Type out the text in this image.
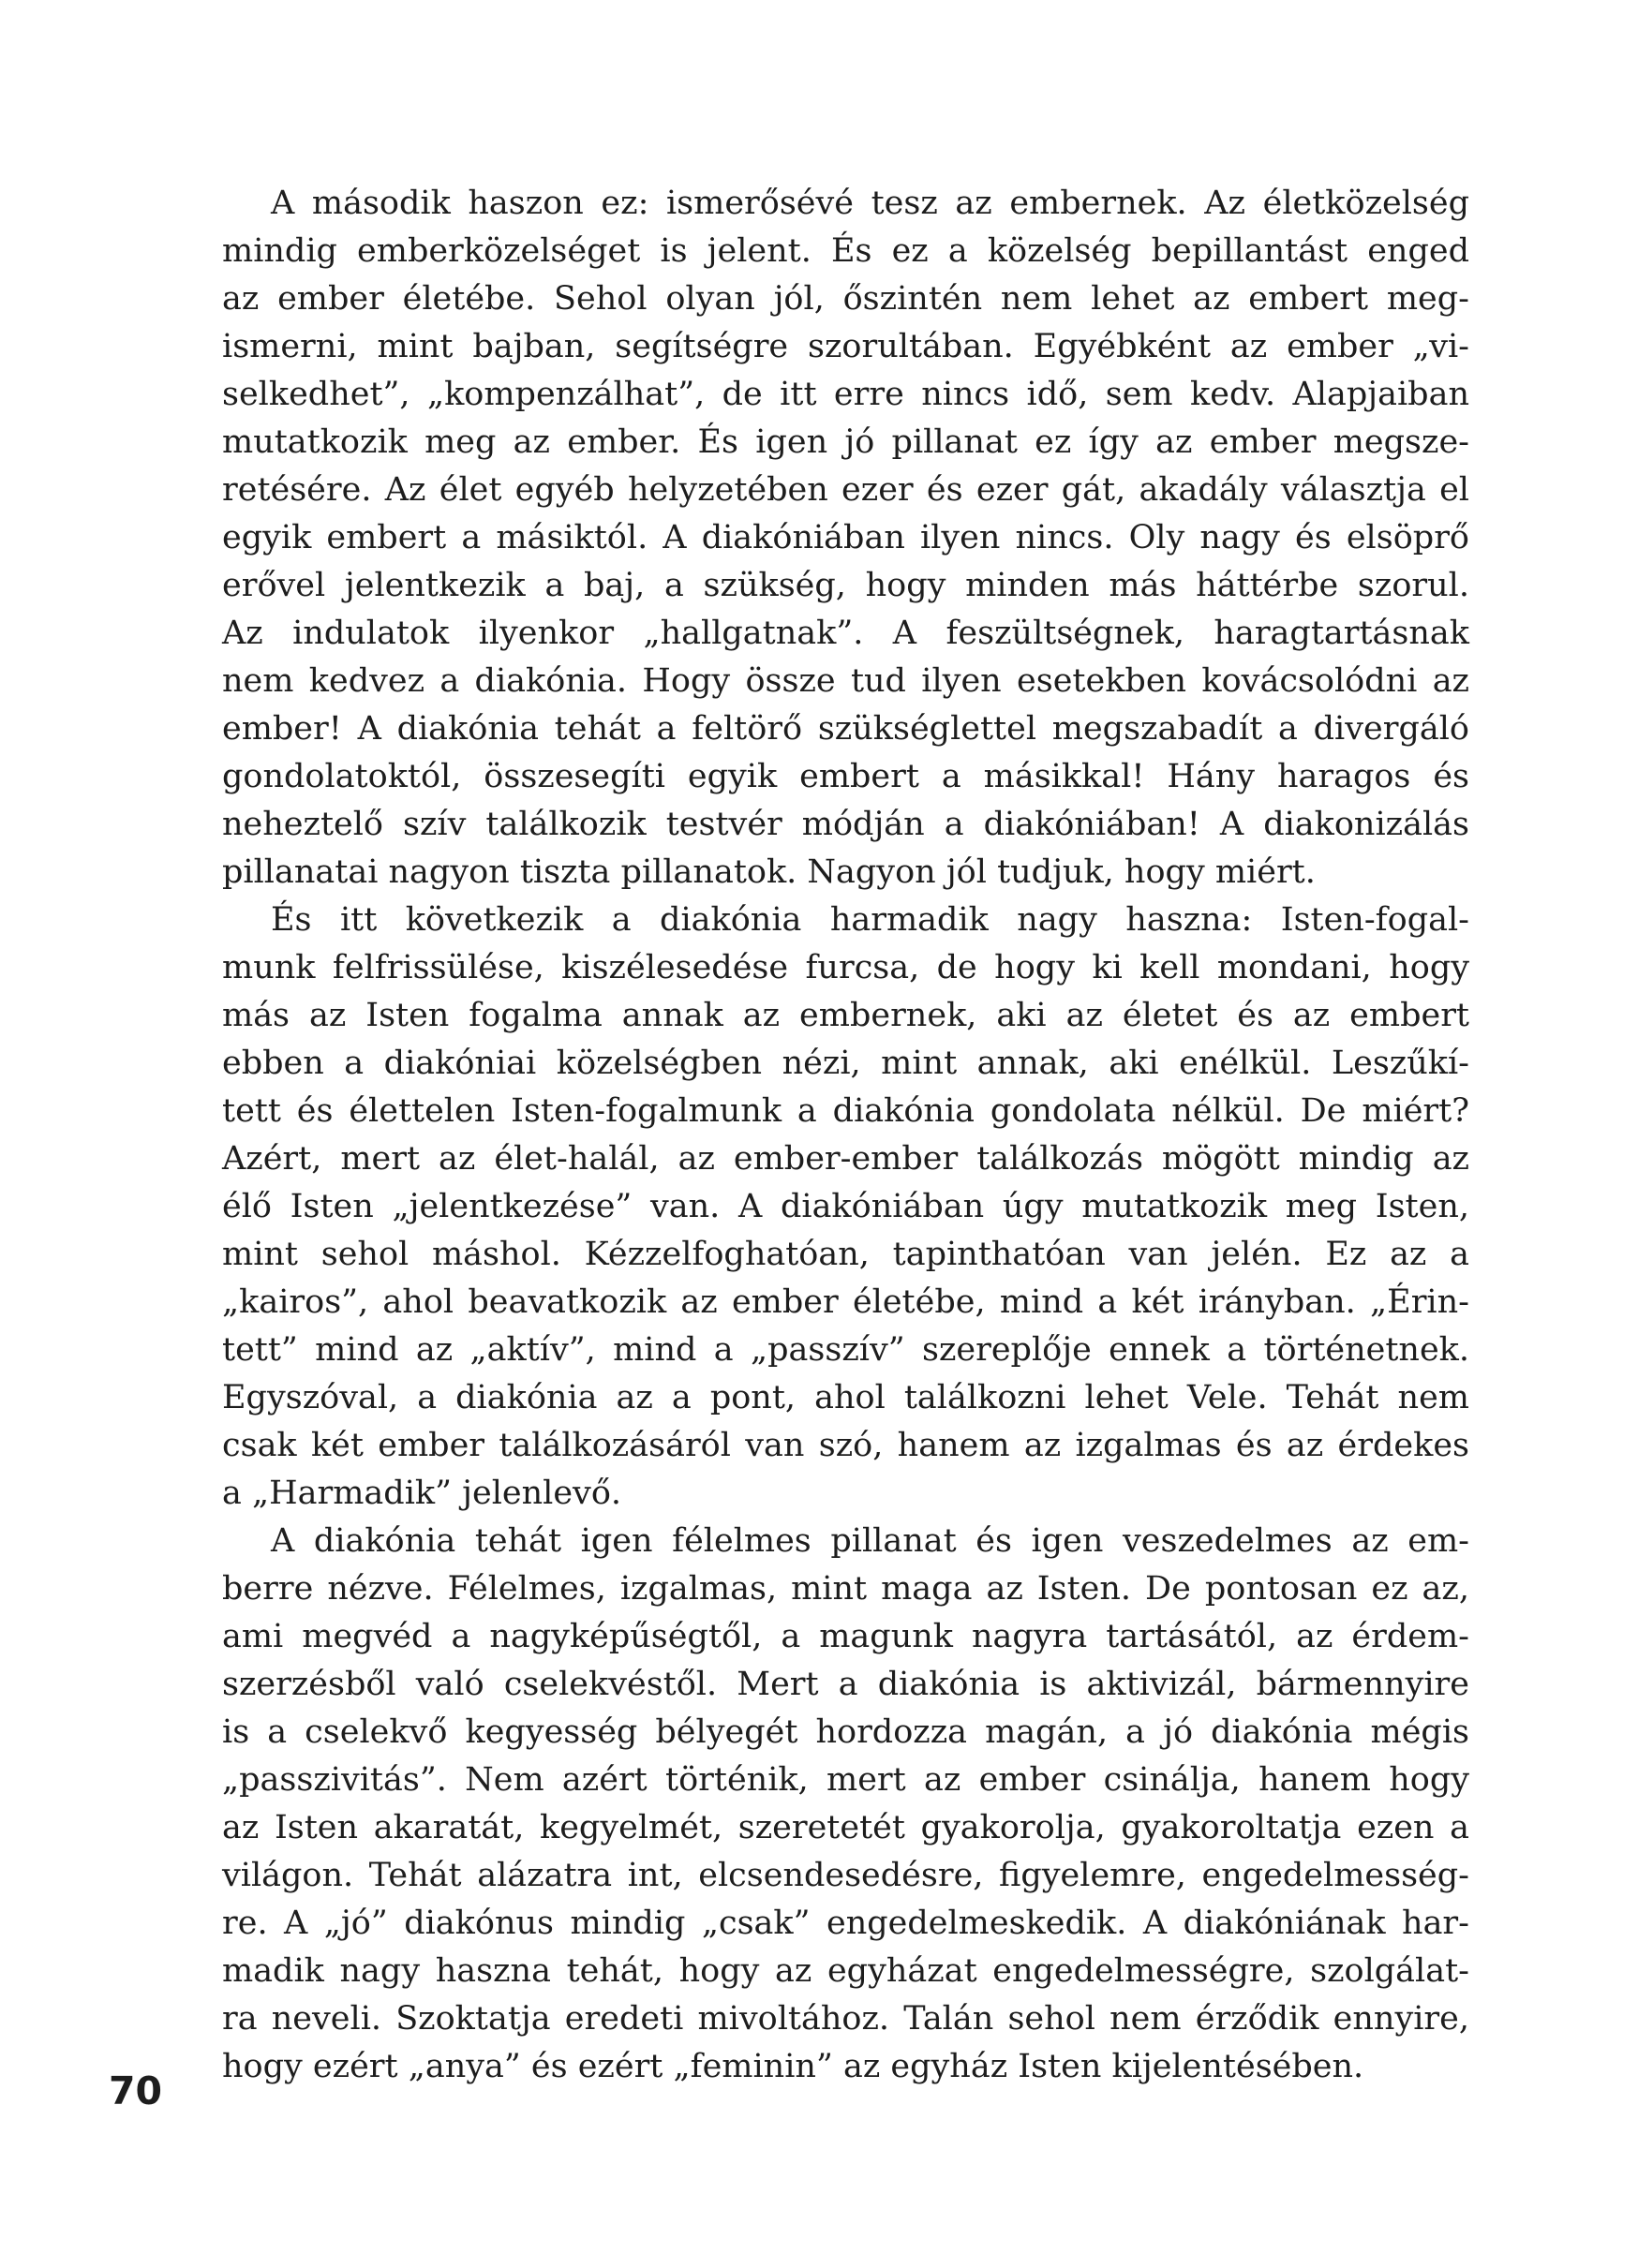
A második haszon ez: ismerősévé tesz az embernek. Az életközelség
mindig emberközelséget is jelent. És ez a közelség bepillantást enged
az ember életébe. Sehol olyan jól, őszintén nem lehet az embert meg-
ismerni, mint bajban, segítségre szorultában. Egyébként az ember „vi-
selkedhet”, „kompenzálhat”, de itt erre nincs idő, sem kedv. Alapjaiban
mutatkozik meg az ember. És igen jó pillanat ez így az ember megsze-
retésére. Az élet egyéb helyzetében ezer és ezer gát, akadály választja el
egyik embert a másiktól. A diakóniában ilyen nincs. Oly nagy és elsöprő
erővel jelentkezik a baj, a szükség, hogy minden más háttérbe szorul.
Az indulatok ilyenkor „hallgatnak”. A feszültségnek, haragtartásnak
nem kedvez a diakónia. Hogy össze tud ilyen esetekben kovácsolódni az
ember! A diakónia tehát a feltörő szükséglettel megszabadít a divergáló
gondolatoktól, összesegíti egyik embert a másikkal! Hány haragos és
neheztelő szív találkozik testvér módján a diakóniában! A diakonizálás
pillanatai nagyon tiszta pillanatok. Nagyon jól tudjuk, hogy miért.
És itt következik a diakónia harmadik nagy haszna: Isten-fogal-
munk felfrissülése, kiszélesedése furcsa, de hogy ki kell mondani, hogy
más az Isten fogalma annak az embernek, aki az életet és az embert
ebben a diakóniai közelségben nézi, mint annak, aki enélkül. Leszűkí-
tett és élettelen Isten-fogalmunk a diakónia gondolata nélkül. De miért?
Azért, mert az élet-halál, az ember-ember találkozás mögött mindig az
élő Isten „jelentkezése” van. A diakóniában úgy mutatkozik meg Isten,
mint sehol máshol. Kézzelfoghatóan, tapinthatóan van jelén. Ez az a
„kairos”, ahol beavatkozik az ember életébe, mind a két irányban. „Érin-
tett” mind az „aktív”, mind a „passzív” szereplője ennek a történetnek.
Egyszóval, a diakónia az a pont, ahol találkozni lehet Vele. Tehát nem
csak két ember találkozásáról van szó, hanem az izgalmas és az érdekes
a „Harmadik” jelenlevő.
A diakónia tehát igen félelmes pillanat és igen veszedelmes az em-
berre nézve. Félelmes, izgalmas, mint maga az Isten. De pontosan ez az,
ami megvéd a nagyképűségtől, a magunk nagyra tartásától, az érdem-
szerzésből való cselekvéstől. Mert a diakónia is aktivizál, bármennyire
is a cselekvő kegyesség bélyegét hordozza magán, a jó diakónia mégis
„passzivitás”. Nem azért történik, mert az ember csinálja, hanem hogy
az Isten akaratát, kegyelmét, szeretetét gyakorolja, gyakoroltatja ezen a
világon. Tehát alázatra int, elcsendesedésre, figyelemre, engedelmesség-
re. A „jó” diakónus mindig „csak” engedelmeskedik. A diakóniának har-
madik nagy haszna tehát, hogy az egyházat engedelmességre, szolgálat-
ra neveli. Szoktatja eredeti mivoltához. Talán sehol nem érződik ennyire,
hogy ezért „anya” és ezért „feminin” az egyház Isten kijelentésében.
70
